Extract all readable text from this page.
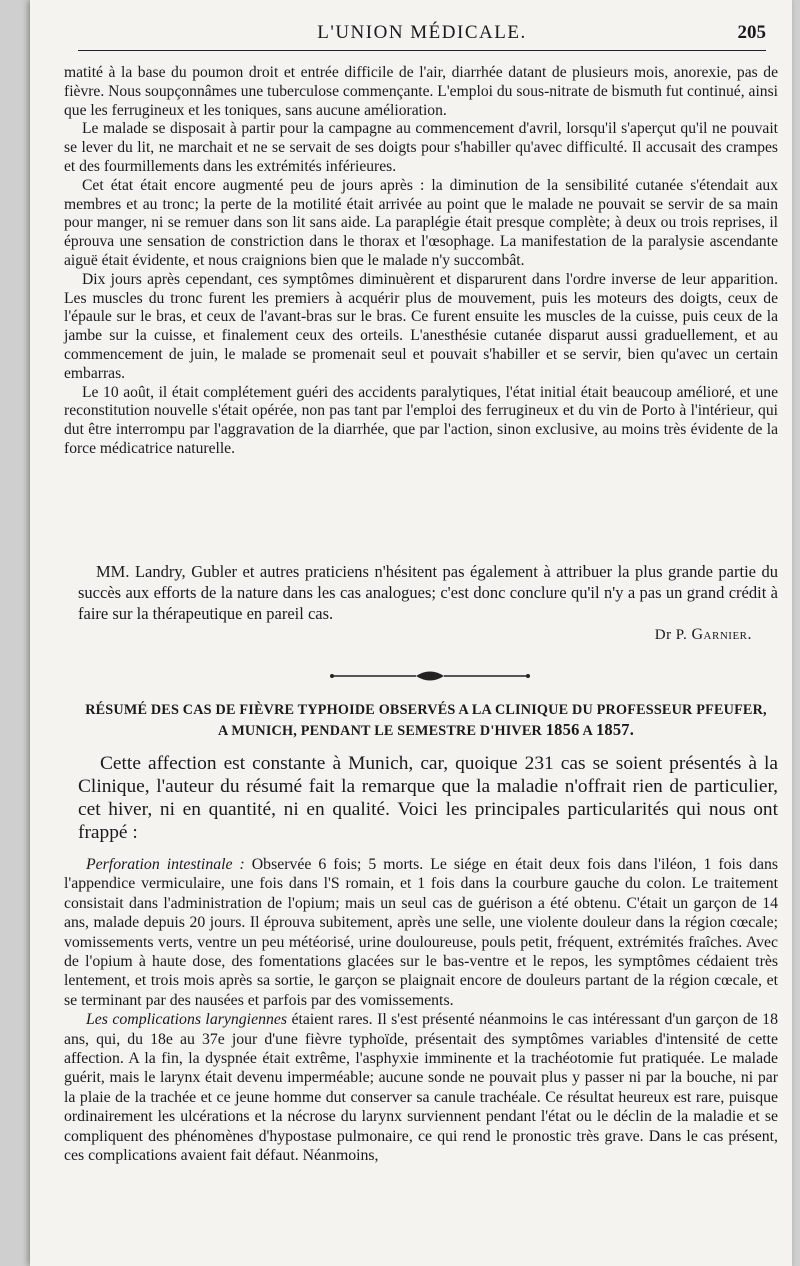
L'UNION MÉDICALE.	205

matité à la base du poumon droit et entrée difficile de l'air, diarrhée datant de plusieurs mois, anorexie, pas de fièvre. Nous soupçonnâmes une tuberculose commençante. L'emploi du sous-nitrate de bismuth fut continué, ainsi que les ferrugineux et les toniques, sans aucune amélioration.

Le malade se disposait à partir pour la campagne au commencement d'avril, lorsqu'il s'aperçut qu'il ne pouvait se lever du lit, ne marchait et ne se servait de ses doigts pour s'habiller qu'avec difficulté. Il accusait des crampes et des fourmillements dans les extrémités inférieures.

Cet état était encore augmenté peu de jours après : la diminution de la sensibilité cutanée s'étendait aux membres et au tronc; la perte de la motilité était arrivée au point que le malade ne pouvait se servir de sa main pour manger, ni se remuer dans son lit sans aide. La paraplégie était presque complète; à deux ou trois reprises, il éprouva une sensation de constriction dans le thorax et l'œsophage. La manifestation de la paralysie ascendante aiguë était évidente, et nous craignions bien que le malade n'y succombât.

Dix jours après cependant, ces symptômes diminuèrent et disparurent dans l'ordre inverse de leur apparition. Les muscles du tronc furent les premiers à acquérir plus de mouvement, puis les moteurs des doigts, ceux de l'épaule sur le bras, et ceux de l'avant-bras sur le bras. Ce furent ensuite les muscles de la cuisse, puis ceux de la jambe sur la cuisse, et finalement ceux des orteils. L'anesthésie cutanée disparut aussi graduellement, et au commencement de juin, le malade se promenait seul et pouvait s'habiller et se servir, bien qu'avec un certain embarras.

Le 10 août, il était complétement guéri des accidents paralytiques, l'état initial était beaucoup amélioré, et une reconstitution nouvelle s'était opérée, non pas tant par l'emploi des ferrugineux et du vin de Porto à l'intérieur, qui dut être interrompu par l'aggravation de la diarrhée, que par l'action, sinon exclusive, au moins très évidente de la force médicatrice naturelle.

MM. Landry, Gubler et autres praticiens n'hésitent pas également à attribuer la plus grande partie du succès aux efforts de la nature dans les cas analogues; c'est donc conclure qu'il n'y a pas un grand crédit à faire sur la thérapeutique en pareil cas.

Dr P. Garnier.
RÉSUMÉ DES CAS DE FIÈVRE TYPHOIDE OBSERVÉS A LA CLINIQUE DU PROFESSEUR PFEUFER,
A MUNICH, PENDANT LE SEMESTRE D'HIVER 1856 A 1857.

Cette affection est constante à Munich, car, quoique 231 cas se soient présentés à la Clinique, l'auteur du résumé fait la remarque que la maladie n'offrait rien de particulier, cet hiver, ni en quantité, ni en qualité. Voici les principales particularités qui nous ont frappé :

Perforation intestinale : Observée 6 fois; 5 morts. Le siége en était deux fois dans l'iléon, 1 fois dans l'appendice vermiculaire, une fois dans l'S romain, et 1 fois dans la courbure gauche du colon. Le traitement consistait dans l'administration de l'opium; mais un seul cas de guérison a été obtenu. C'était un garçon de 14 ans, malade depuis 20 jours. Il éprouva subitement, après une selle, une violente douleur dans la région cœcale; vomissements verts, ventre un peu météorisé, urine douloureuse, pouls petit, fréquent, extrémités fraîches. Avec de l'opium à haute dose, des fomentations glacées sur le bas-ventre et le repos, les symptômes cédaient très lentement, et trois mois après sa sortie, le garçon se plaignait encore de douleurs partant de la région cœcale, et se terminant par des nausées et parfois par des vomissements.

Les complications laryngiennes étaient rares. Il s'est présenté néanmoins le cas intéressant d'un garçon de 18 ans, qui, du 18e au 37e jour d'une fièvre typhoïde, présentait des symptômes variables d'intensité de cette affection. A la fin, la dyspnée était extrême, l'asphyxie imminente et la trachéotomie fut pratiquée. Le malade guérit, mais le larynx était devenu imperméable; aucune sonde ne pouvait plus y passer ni par la bouche, ni par la plaie de la trachée et ce jeune homme dut conserver sa canule trachéale. Ce résultat heureux est rare, puisque ordinairement les ulcérations et la nécrose du larynx surviennent pendant l'état ou le déclin de la maladie et se compliquent des phénomènes d'hypostase pulmonaire, ce qui rend le pronostic très grave. Dans le cas présent, ces complications avaient fait défaut. Néanmoins,
